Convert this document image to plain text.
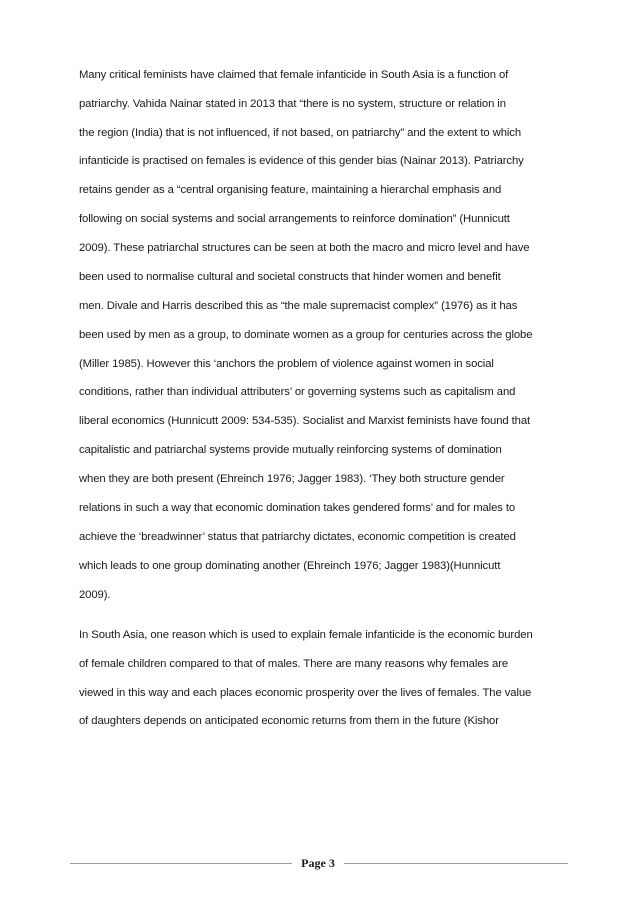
Many critical feminists have claimed that female infanticide in South Asia is a function of
patriarchy. Vahida Nainar stated in 2013 that “there is no system, structure or relation in
the region (India) that is not influenced, if not based, on patriarchy” and the extent to which
infanticide is practised on females is evidence of this gender bias (Nainar 2013). Patriarchy
retains gender as a “central organising feature, maintaining a hierarchal emphasis and
following on social systems and social arrangements to reinforce domination” (Hunnicutt
2009). These patriarchal structures can be seen at both the macro and micro level and have
been used to normalise cultural and societal constructs that hinder women and benefit
men. Divale and Harris described this as “the male supremacist complex” (1976) as it has
been used by men as a group, to dominate women as a group for centuries across the globe
(Miller 1985). However this ‘anchors the problem of violence against women in social
conditions, rather than individual attributers’ or governing systems such as capitalism and
liberal economics (Hunnicutt 2009: 534-535). Socialist and Marxist feminists have found that
capitalistic and patriarchal systems provide mutually reinforcing systems of domination
when they are both present (Ehreinch 1976; Jagger 1983). ‘They both structure gender
relations in such a way that economic domination takes gendered forms’ and for males to
achieve the ‘breadwinner’ status that patriarchy dictates, economic competition is created
which leads to one group dominating another (Ehreinch 1976; Jagger 1983)(Hunnicutt
2009).
In South Asia, one reason which is used to explain female infanticide is the economic burden
of female children compared to that of males. There are many reasons why females are
viewed in this way and each places economic prosperity over the lives of females. The value
of daughters depends on anticipated economic returns from them in the future (Kishor
Page 3
